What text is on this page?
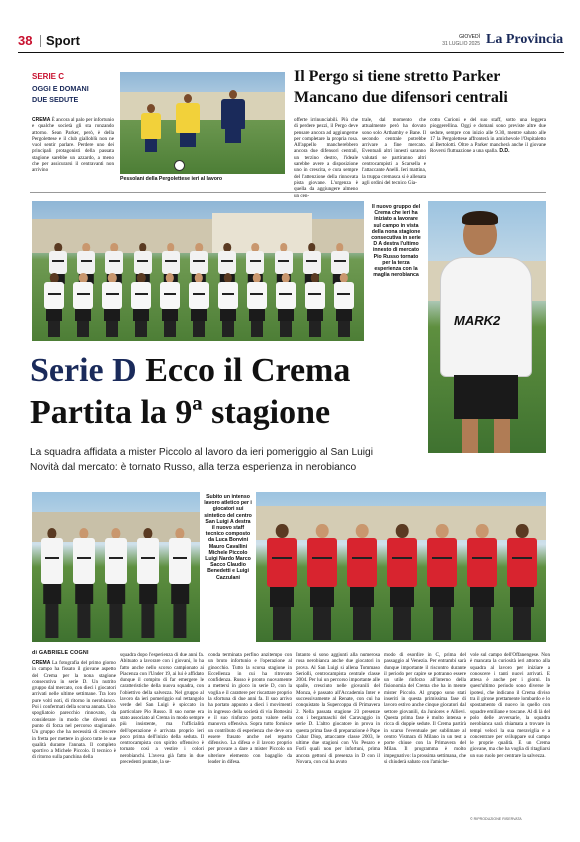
38 Sport	GIOVEDÌ
31 LUGLIO 2025 La Provincia
SERIE C
OGGI E DOMANI
DUE SEDUTE

CREMA È ancora al palo per infortunio e qualche società gli sta ronzando attorno. Sean Parker, però, è della Pergolettese e il club gialloblù non ne vuol sentir parlare. Perdere uno dei principali protagonisti della passata stagione sarebbe un azzardo, a meno che per assicurarsi il centravanti non arrivino

Pessolani della Pergolettese ieri al lavoro
Il Pergo si tiene stretto Parker
Mancano due difensori centrali

offerte irrinunciabili. Più che di perdere pezzi, il Pergo deve pensare ancora ad aggiungerne per completare la propria rosa. All'appello mancherebbero ancora due difensori centrali, un terzino destro, l'ideale sarebbe avere a disposizione uno in crescita, e cura sempre del l'attenzione della rinnovata pista giovane. L'urgenza è quella da aggiungere almeno un cen-

trale, dal momento che attualmente però ha dovuto sono solo Arthamby e Bane. Il secondo centrale potrebbe arrivare a fine mercato. Eventuali altri innesti saranno valutati se partiranno altri centrocampisti a Scarsella e l'attaccante Anelli. Ieri mattina, la truppa cremasca si è allenata agli ordini del tecnico Gia-

cotto Curioni e del suo staff, sotto una leggera pioggerellina. Oggi e domani sono previste altre due sedute, sempre con inizio alle 9.30, mentre sabato alle 17 la Pergolettese affronterà in amichevole l'Ospitaletto al Bertolotti. Oltre a Parker mancherà anche il giovane Roversi fluttuazione a una spalla. D.D.

Il nuovo gruppo del Crema che ieri ha iniziato a lavorare sul campo in vista della nona stagione consecutiva in serie D A destra l'ultimo innesto di mercato Pio Russo tornato per la terza esperienza con la maglia nerobianca
MARK2
Serie D Ecco il Crema
Partita la 9ª stagione
La squadra affidata a mister Piccolo al lavoro da ieri pomeriggio al San Luigi
Novità dal mercato: è tornato Russo, alla terza esperienza in nerobianco
Subito un intenso lavoro atletico per i giocatori sui sintetico del centro San Luigi A destra il nuovo staff tecnico composto da Luca Bonvini Mauro Cavallini Michele Piccolo Luigi Nardo Marco Sacco Claudio Benedetti e Luigi Cazzulani
di GABRIELE COGNI

CREMA La fotografia del primo giorno in campo ha fissato il giovane aspetto del Crema per la nona stagione consecutiva in serie D. Un nutrito gruppo dal mercato, con dieci i giocatori arrivati nelle ultime settimane. Tra loro pure volti noti, di ritorno in nerobianco. Poi i confermati della scorsa annata. Uno spogliatoio parecchio rinnovato, da considerare in modo che diventi un punto di forza nel percorso stagionale. Un gruppo che ha necessità di crescere in fretta per mettere in gioco tutte le sue qualità durante l'annata. Il completo sportivo a Michele Piccolo. Il tecnico è di ritorno sulla panchina della

squadra dopo l'esperienza di due anni fa. Abituato a lavorare con i giovani, lo ha fatto anche nello scorso campionato ai Piacenza con l'Under 19, ai lui è affidato dunque il compito di far emergere le caratteristiche della nuova squadra, con l'obiettivo della salvezza. Nel gruppo al lavoro da ieri pomeriggio sul rettangolo verde del San Luigi è spiccato in particolare Pio Russo. Il suo nome era stato associato al Crema in modo sempre più insistente, ma l'ufficialità dell'operazione è arrivata proprio ieri poco prima dell'inizio della seduta. Il centrocampista con spirito offensivo è tornato così a vestire i colori nerobianchi. L'aveva già fatto in due precedenti puntate, la se-

conda terminata perfino anzitempo con un bruto infortunio e l'operazione al ginocchio. Tutto la scorsa stagione in Eccellenza in cui ha ritrovato confidenza. Russo è pronto nuovamente a mettersi in gioco in serie D, con la voglia e il carattere per riscattare proprio la sfortuna di due anni fa. Il suo arrivo ha portato appunto a dieci i movimenti in ingresso della società di via Bottesini e il suo rinforzo porta valore nella manovra offensiva. Sopra tutto fornisce un contributo di esperienza che deve ora essere frasato anche nel reparto difensivo. La difesa e il lavoro proprio per provare a dare a mister Piccolo un ulteriore elemento con bagaglio da leader in difesa.

Intanto si sono aggiunti alla numerosa rosa nerobianca anche due giocatori in prova. Al San Luigi si allena Tommaso Seriolli, centrocampista centrale classe 2004. Per lui un percorso importante alle spalle, cresciuto nelle giovanili del Monza, è passato all'Accademia Inter e successivamente al Renate, con cui ha conquistato la Supercoppa di Primavera 2. Nella passata stagione 23 presenze con i bergamaschi del Caravaggio in serie D. L'altro giocatore in prova in questa prima fase di preparazione è Pape Cabar Diop, attaccante classe 2003, le ultime due stagioni con Vis Pesaro e Forlì quali non per infortuni, prima ancora gettoni di presenza in D con il Novara, con cui ha avuto

modo di esordire in C, prima del passaggio al Venezia. Per entrambi sarà dunque importante il riscontro durante il periodo per capire se potranno essere un utile rinforzo all'interno della fisionomia del Crema che ha in mente mister Piccolo. Al gruppo sono stati inseriti in questa primissima fase di lavoro estivo anche cinque giocatori dal settore giovanili, da Juniores e Allievi. Questa prima fase è molto intensa e ricca di doppie sedute. Il Crema partirà in scarso l'eventuale per sublimare al centro Vismara di Milano in un test a porte chiuse con la Primavera del Milan. Il programma è molto impegnativo: la prossima settimana, che si chiuderà sabato con l'amiche-

vole sul campo dell'Offanengese. Non è mancata la curiosità ieri attorno alla squadra al lavoro per iniziare a conoscere i tanti nuovi arrivati. E attesa è anche per i giorni. In quest'ultimo periodo sono diverse le ipotesi, che indicano il Crema diviso tra il girone prettamente lombardo e lo spostamento di nuovo in quello con squadre emiliane e toscane. Al di là del polo delle avversarie, la squadra nerobianca sarà chiamata a trovare in tempi veloci la sua meraviglia e a concentrare per sviluppare sul campo le proprie qualità. E un Crema giovane, ma che ha voglia di ritagliarsi un suo ruolo per centrare la salvezza.

© RIPRODUZIONE RISERVATA
